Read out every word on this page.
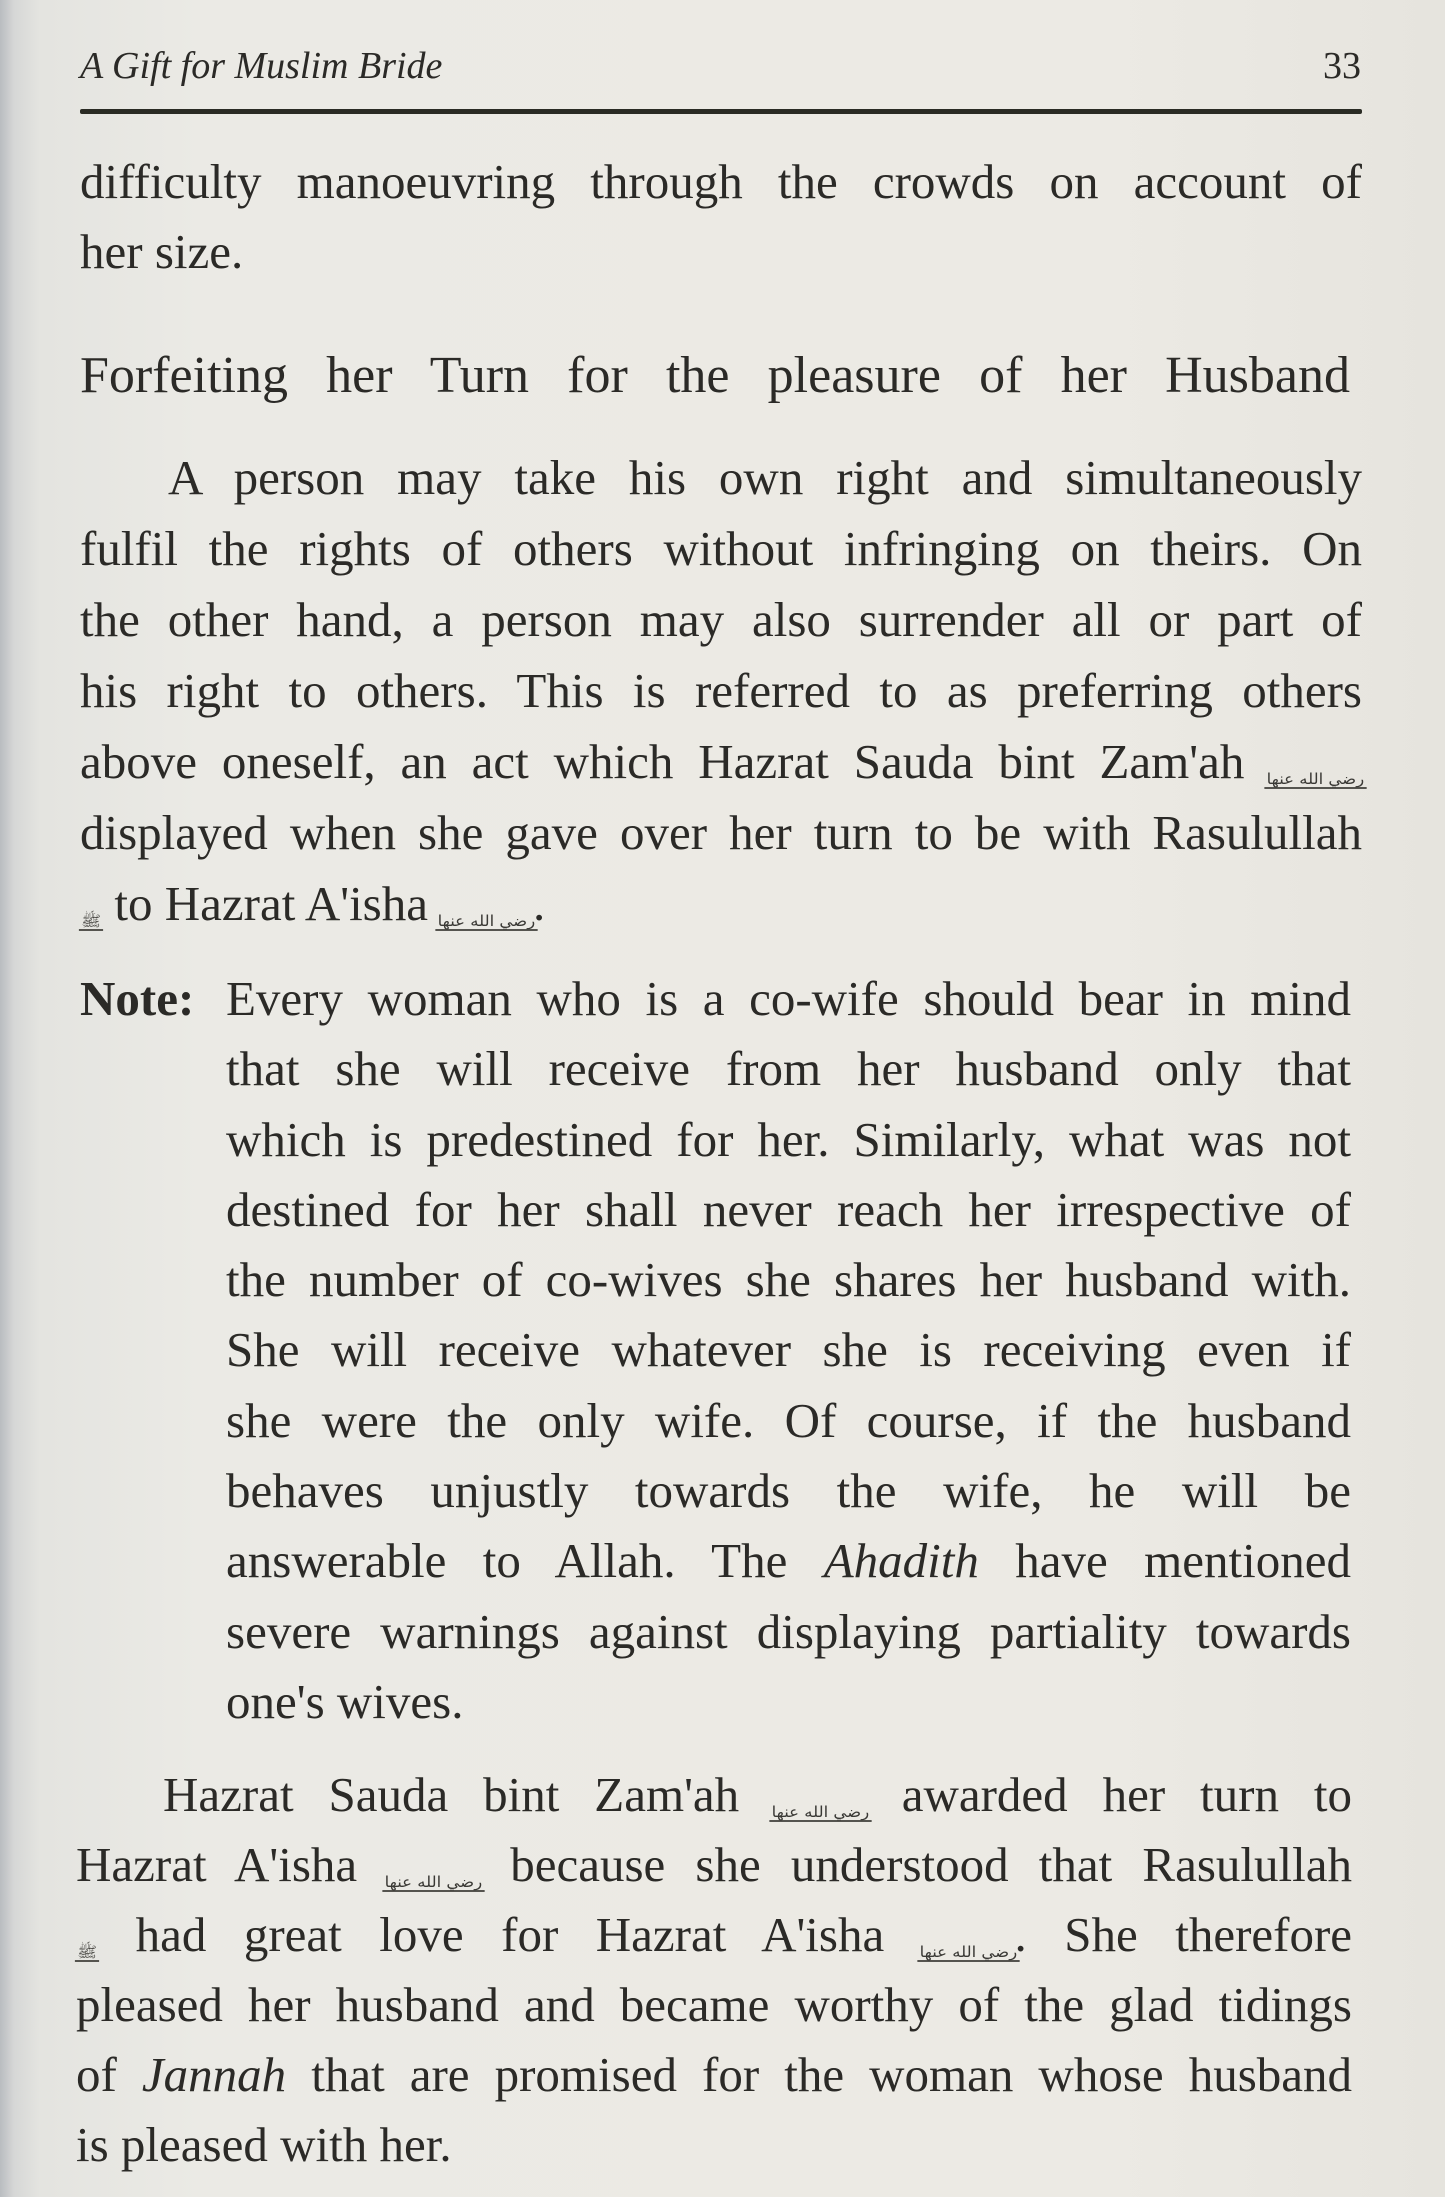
A Gift for Muslim Bride	33
difficulty manoeuvring through the crowds on account of
her size.
Forfeiting her Turn for the pleasure of her Husband
A person may take his own right and simultaneously
fulfil the rights of others without infringing on theirs. On
the other hand, a person may also surrender all or part of
his right to others. This is referred to as preferring others
above oneself, an act which Hazrat Sauda bint Zam'ah رضي الله عنها
displayed when she gave over her turn to be with Rasulullah
ﷺ to Hazrat A'isha رضي الله عنها.
Note: Every woman who is a co-wife should bear in mind
that she will receive from her husband only that
which is predestined for her. Similarly, what was not
destined for her shall never reach her irrespective of
the number of co-wives she shares her husband with.
She will receive whatever she is receiving even if
she were the only wife. Of course, if the husband
behaves unjustly towards the wife, he will be
answerable to Allah. The Ahadith have mentioned
severe warnings against displaying partiality towards
one's wives.
Hazrat Sauda bint Zam'ah رضي الله عنها awarded her turn to
Hazrat A'isha رضي الله عنها because she understood that Rasulullah
ﷺ had great love for Hazrat A'isha رضي الله عنها. She therefore
pleased her husband and became worthy of the glad tidings
of Jannah that are promised for the woman whose husband
is pleased with her.
